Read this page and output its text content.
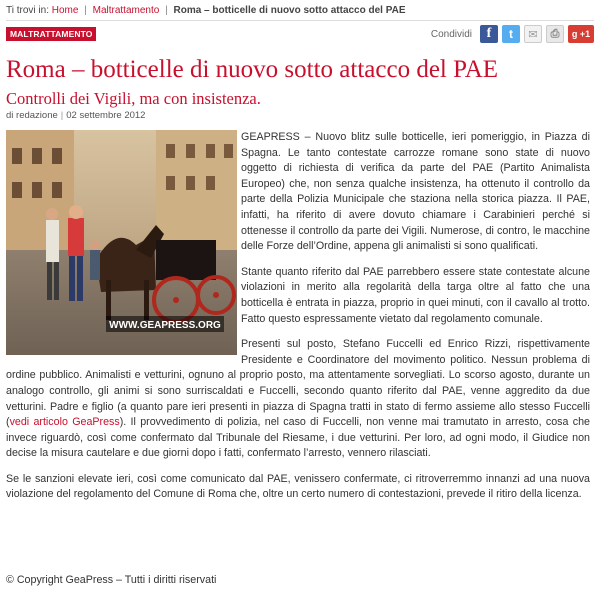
Ti trovi in: Home | Maltrattamento | Roma – botticelle di nuovo sotto attacco del PAE
MALTRATTAMENTO	Condividi	f	t	✉	⎙	g +1
Roma – botticelle di nuovo sotto attacco del PAE
Controlli dei Vigili, ma con insistenza.
di redazione | 02 settembre 2012
WWW.GEAPRESS.ORG

GEAPRESS – Nuovo blitz sulle botticelle, ieri pomeriggio, in Piazza di Spagna. Le tanto contestate carrozze romane sono state di nuovo oggetto di richiesta di verifica da parte del PAE (Partito Animalista Europeo) che, non senza qualche insistenza, ha ottenuto il controllo da parte della Polizia Municipale che staziona nella storica piazza. Il PAE, infatti, ha riferito di avere dovuto chiamare i Carabinieri perché si ottenesse il controllo da parte dei Vigili. Numerose, di contro, le macchine delle Forze dell’Ordine, appena gli animalisti si sono qualificati.

Stante quanto riferito dal PAE parrebbero essere state contestate alcune violazioni in merito alla regolarità della targa oltre al fatto che una botticella è entrata in piazza, proprio in quei minuti, con il cavallo al trotto. Fatto questo espressamente vietato dal regolamento comunale.

Presenti sul posto, Stefano Fuccelli ed Enrico Rizzi, rispettivamente Presidente e Coordinatore del movimento politico. Nessun problema di ordine pubblico. Animalisti e vetturini, ognuno al proprio posto, ma attentamente sorvegliati. Lo scorso agosto, durante un analogo controllo, gli animi si sono surriscaldati e Fuccelli, secondo quanto riferito dal PAE, venne aggredito da due vetturini. Padre e figlio (a quanto pare ieri presenti in piazza di Spagna tratti in stato di fermo assieme allo stesso Fuccelli (vedi articolo GeaPress). Il provvedimento di polizia, nel caso di Fuccelli, non venne mai tramutato in arresto, cosa che invece riguardò, così come confermato dal Tribunale del Riesame, i due vetturini. Per loro, ad ogni modo, il Giudice non decise la misura cautelare e due giorni dopo i fatti, confermato l’arresto, vennero rilasciati.

Se le sanzioni elevate ieri, così come comunicato dal PAE, venissero confermate, ci ritroverremmo innanzi ad una nuova violazione del regolamento del Comune di Roma che, oltre un certo numero di contestazioni, prevede il ritiro della licenza.

© Copyright GeaPress – Tutti i diritti riservati
